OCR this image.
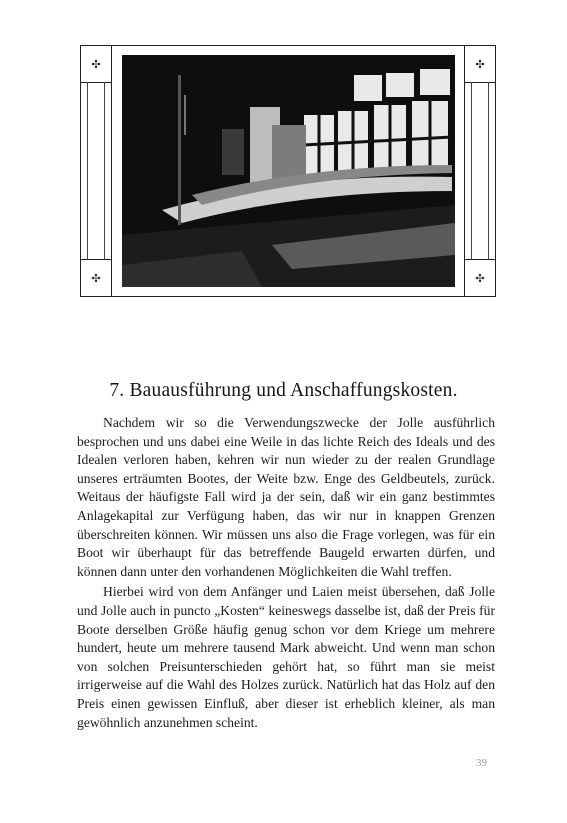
✣
✣
✣
✣
7. Bauausführung und Anschaffungskosten.

Nachdem wir so die Verwendungszwecke der Jolle ausführlich besprochen und uns dabei eine Weile in das lichte Reich des Ideals und des Idealen verloren haben, kehren wir nun wieder zu der realen Grundlage unseres erträumten Bootes, der Weite bzw. Enge des Geldbeutels, zurück. Weitaus der häufigste Fall wird ja der sein, daß wir ein ganz bestimmtes Anlagekapital zur Verfügung haben, das wir nur in knappen Grenzen überschreiten können. Wir müssen uns also die Frage vorlegen, was für ein Boot wir überhaupt für das betreffende Baugeld erwarten dürfen, und können dann unter den vorhandenen Möglichkeiten die Wahl treffen.

Hierbei wird von dem Anfänger und Laien meist übersehen, daß Jolle und Jolle auch in puncto „Kosten“ keineswegs dasselbe ist, daß der Preis für Boote derselben Größe häufig genug schon vor dem Kriege um mehrere hundert, heute um mehrere tausend Mark abweicht. Und wenn man schon von solchen Preisunterschieden gehört hat, so führt man sie meist irrigerweise auf die Wahl des Holzes zurück. Natürlich hat das Holz auf den Preis einen gewissen Einfluß, aber dieser ist erheblich kleiner, als man gewöhnlich anzunehmen scheint.

39
